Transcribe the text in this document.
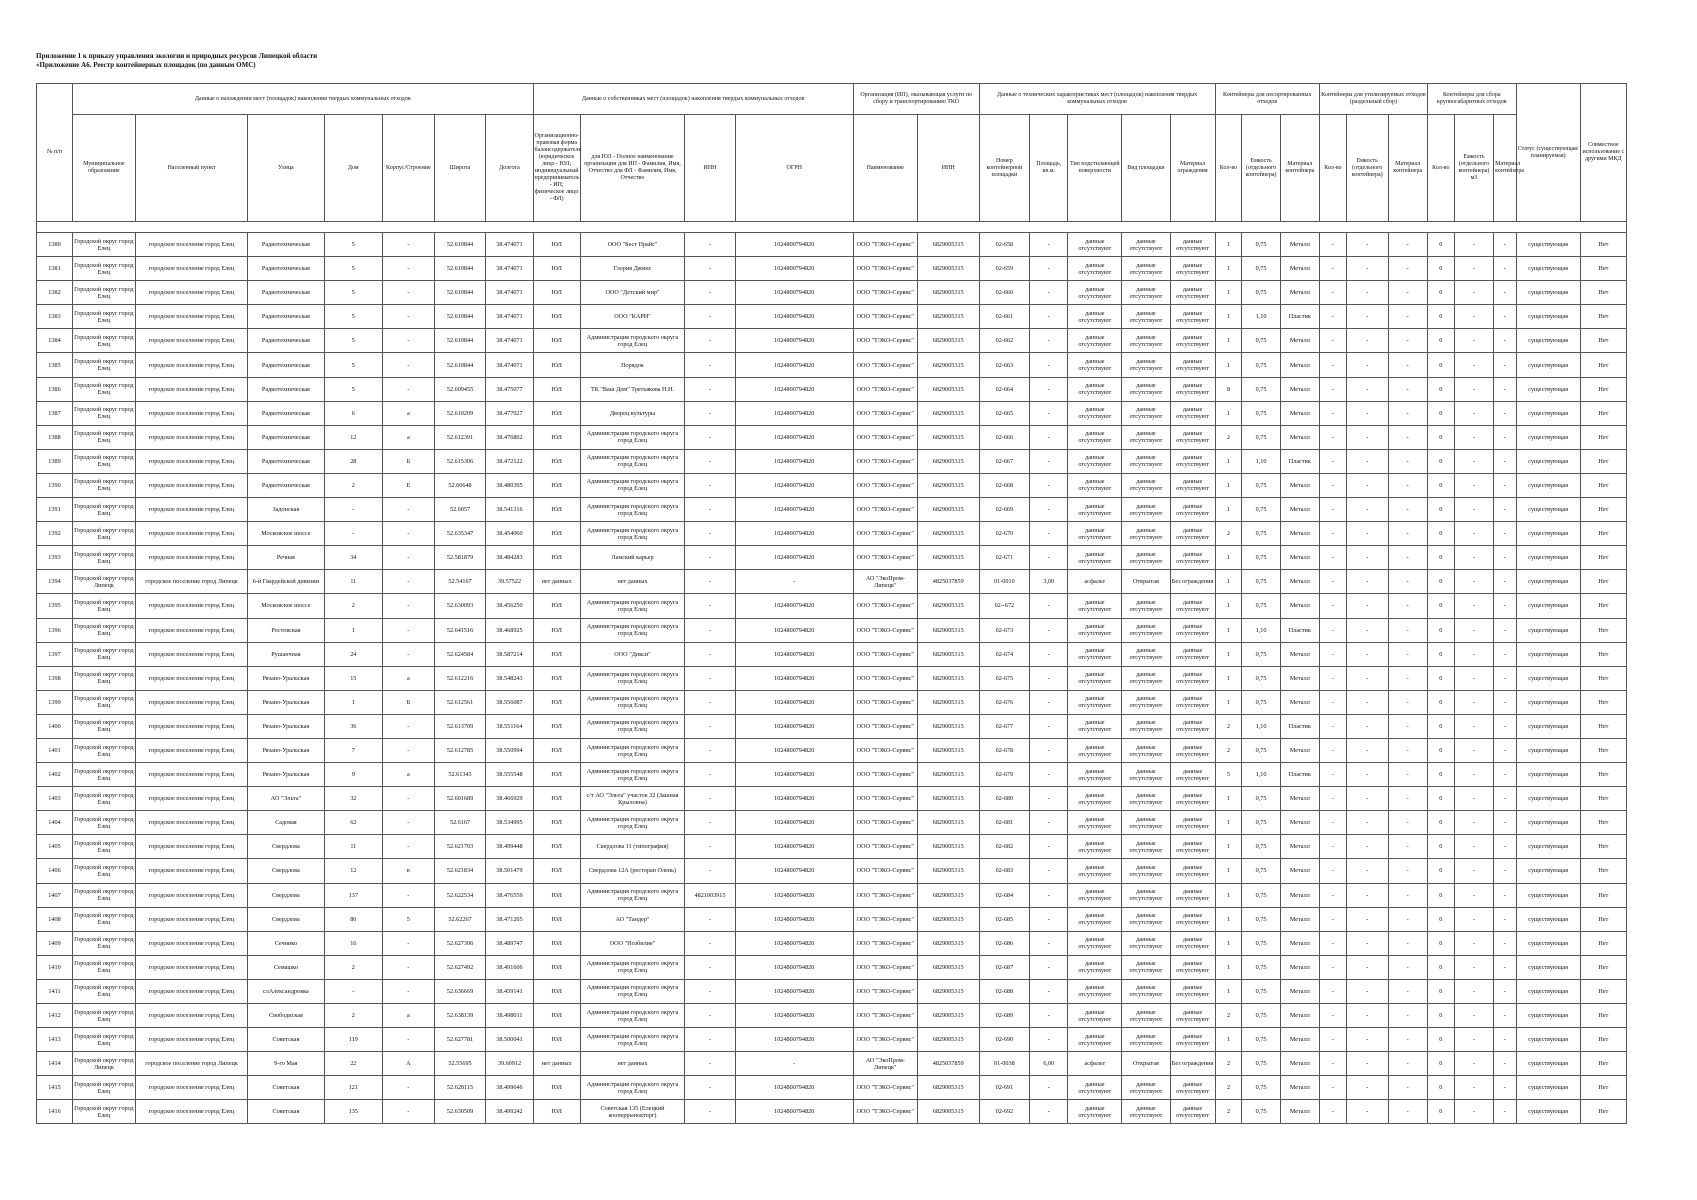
Приложение 1 к приказу управления экологии и природных ресурсов Липецкой области
«Приложение А6. Реестр контейнерных площадок (по данным ОМС)
№ п/п	Данные о нахождении мест (площадок) накопления твердых коммунальных отходов							Данные о собственниках мест (площадок) накопления твердых коммунальных отходов				Организация (ИП), оказывающая услуги по сбору и транспортированию ТКО		Данные о технических характеристиках мест (площадок) накопления твердых коммунальных отходов					Контейнеры для несортированных отходов			Контейнеры для утилизируемых отходов (раздельный сбор)			Контейнеры для сбора крупногабаритных отходов			Статус (существующая/планируемая)	Совместное использование с другими МКД
	Муниципальное образование	Населенный пункт	Улица	Дом	Корпус/Строение	Широта	Долгота	Организационно-правовая форма балансодержателя (юридическое лицо - ЮЛ; индивидуальный предприниматель - ИП; физическое лицо - ФЛ)	для ЮЛ - Полное наименование организации для ИП - Фамилия, Имя, Отчество для ФЛ - Фамилия, Имя, Отчество	ИНН	ОГРН	Наименование	ИНН	Номер контейнерной площадки	Площадь, кв.м.	Тип подстилающей поверхности	Вид площадки	Материал ограждения	Кол-во	Емкость (отдельного контейнера)	Материал контейнера	Кол-во	Емкость (отдельного контейнера)	Материал контейнера	Кол-во	Емкость (отдельного контейнера) м3	Материал контейнера		

1380	Городской округ город Елец	городское поселение город Елец	Радиотехническая	5	-	52.610844	38.474071	ЮЛ	ООО "Бест Прайс"	-	1024800794820	ООО "ТЭКО-Сервис"	6829005315	02-658	-	данные отсутствуют	данные отсутствуют	данные отсутствуют	1	0,75	Металл	-	-	-	0	-	-	существующая	Нет
1381	Городской округ город Елец	городское поселение город Елец	Радиотехническая	5	-	52.610844	38.474071	ЮЛ	Глория Джинс	-	1024800794820	ООО "ТЭКО-Сервис"	6829005315	02-659	-	данные отсутствуют	данные отсутствуют	данные отсутствуют	1	0,75	Металл	-	-	-	0	-	-	существующая	Нет
1382	Городской округ город Елец	городское поселение город Елец	Радиотехническая	5	-	52.610844	38.474071	ЮЛ	ООО "Детский мир"	-	1024800794820	ООО "ТЭКО-Сервис"	6829005315	02-660	-	данные отсутствуют	данные отсутствуют	данные отсутствуют	1	0,75	Металл	-	-	-	0	-	-	существующая	Нет
1383	Городской округ город Елец	городское поселение город Елец	Радиотехническая	5	-	52.610844	38.474071	ЮЛ	ООО "КАРИ"	-	1024800794820	ООО "ТЭКО-Сервис"	6829005315	02-661	-	данные отсутствуют	данные отсутствуют	данные отсутствуют	1	1,10	Пластик	-	-	-	0	-	-	существующая	Нет
1384	Городской округ город Елец	городское поселение город Елец	Радиотехническая	5	-	52.610844	38.474071	ЮЛ	Администрация городского округа город Елец	-	1024800794820	ООО "ТЭКО-Сервис"	6829005315	02-662	-	данные отсутствуют	данные отсутствуют	данные отсутствуют	1	0,75	Металл	-	-	-	0	-	-	существующая	Нет
1385	Городской округ город Елец	городское поселение город Елец	Радиотехническая	5	-	52.610844	38.474071	ЮЛ	Порядок	-	1024800794820	ООО "ТЭКО-Сервис"	6829005315	02-663	-	данные отсутствуют	данные отсутствуют	данные отсутствуют	1	0,75	Металл	-	-	-	0	-	-	существующая	Нет
1386	Городской округ город Елец	городское поселение город Елец	Радиотехническая	5	-	52.609455	38.475077	ЮЛ	ТК "Ваш Дом" Третьякова Н.Н.	-	1024800794820	ООО "ТЭКО-Сервис"	6829005315	02-664	-	данные отсутствуют	данные отсутствуют	данные отсутствуют	8	0,75	Металл	-	-	-	0	-	-	существующая	Нет
1387	Городской округ город Елец	городское поселение город Елец	Радиотехническая	6	а	52.610209	38.477027	ЮЛ	Дворец культуры	-	1024800794820	ООО "ТЭКО-Сервис"	6829005315	02-665	-	данные отсутствуют	данные отсутствуют	данные отсутствуют	1	0,75	Металл	-	-	-	0	-	-	существующая	Нет
1388	Городской округ город Елец	городское поселение город Елец	Радиотехническая	12	а	52.612391	38.476802	ЮЛ	Администрация городского округа город Елец	-	1024800794820	ООО "ТЭКО-Сервис"	6829005315	02-666	-	данные отсутствуют	данные отсутствуют	данные отсутствуют	2	0,75	Металл	-	-	-	0	-	-	существующая	Нет
1389	Городской округ город Елец	городское поселение город Елец	Радиотехническая	28	Б	52.615306	38.472122	ЮЛ	Администрация городского округа город Елец	-	1024800794820	ООО "ТЭКО-Сервис"	6829005315	02-667	-	данные отсутствуют	данные отсутствуют	данные отсутствуют	1	1,10	Пластик	-	-	-	0	-	-	существующая	Нет
1390	Городской округ город Елец	городское поселение город Елец	Радиотехническая	2	Е	52.60648	38.480395	ЮЛ	Администрация городского округа город Елец	-	1024800794820	ООО "ТЭКО-Сервис"	6829005315	02-668	-	данные отсутствуют	данные отсутствуют	данные отсутствуют	1	0,75	Металл	-	-	-	0	-	-	существующая	Нет
1391	Городской округ город Елец	городское поселение город Елец	Задонская	-	-	52.6057	38.541316	ЮЛ	Администрация городского округа город Елец	-	1024800794820	ООО "ТЭКО-Сервис"	6829005315	02-669	-	данные отсутствуют	данные отсутствуют	данные отсутствуют	1	0,75	Металл	-	-	-	0	-	-	существующая	Нет
1392	Городской округ город Елец	городское поселение город Елец	Московское шоссе	-	-	52.635347	38.454060	ЮЛ	Администрация городского округа город Елец	-	1024800794820	ООО "ТЭКО-Сервис"	6829005315	02-670	-	данные отсутствуют	данные отсутствуют	данные отсутствуют	2	0,75	Металл	-	-	-	0	-	-	существующая	Нет
1393	Городской округ город Елец	городское поселение город Елец	Речная	34	-	52.581879	38.484283	ЮЛ	Ламский карьер	-	1024800794820	ООО "ТЭКО-Сервис"	6829005315	02-671	-	данные отсутствуют	данные отсутствуют	данные отсутствуют	1	0,75	Металл	-	-	-	0	-	-	существующая	Нет
1394	Городской округ город Липецк	городское поселение город Липецк	6-й Гвардейской дивизии	11	-	52.54167	39.57522	нет данных	нет данных	-	-	АО "ЭкоПром-Липецк"	4825037859	01-0010	3,00	асфальт	Открытая	Без ограждения	1	0,75	Металл	-	-	-	0	-	-	существующая	Нет
1395	Городской округ город Елец	городское поселение город Елец	Московское шоссе	2	-	52.630093	38.456250	ЮЛ	Администрация городского округа город Елец	-	1024800794820	ООО "ТЭКО-Сервис"	6829005315	02--672	-	данные отсутствуют	данные отсутствуют	данные отсутствуют	1	0,75	Металл	-	-	-	0	-	-	существующая	Нет
1396	Городской округ город Елец	городское поселение город Елец	Ростовская	1	-	52.641516	38.468925	ЮЛ	Администрация городского округа город Елец	-	1024800794820	ООО "ТЭКО-Сервис"	6829005315	02-673	-	данные отсутствуют	данные отсутствуют	данные отсутствуют	1	1,10	Пластик	-	-	-	0	-	-	существующая	Нет
1397	Городской округ город Елец	городское поселение город Елец	Рушанчная	24	-	52.624584	38.587214	ЮЛ	ООО "Дикси"	-	1024800794820	ООО "ТЭКО-Сервис"	6829005315	02-674	-	данные отсутствуют	данные отсутствуют	данные отсутствуют	1	0,75	Металл	-	-	-	0	-	-	существующая	Нет
1398	Городской округ город Елец	городское поселение город Елец	Рязано-Уральская	15	а	52.612216	38.548243	ЮЛ	Администрация городского округа город Елец	-	1024800794820	ООО "ТЭКО-Сервис"	6829005315	02-675	-	данные отсутствуют	данные отсутствуют	данные отсутствуют	1	0,75	Металл	-	-	-	0	-	-	существующая	Нет
1399	Городской округ город Елец	городское поселение город Елец	Рязано-Уральская	1	Б	52.612561	38.556087	ЮЛ	Администрация городского округа город Елец	-	1024800794820	ООО "ТЭКО-Сервис"	6829005315	02-676	-	данные отсутствуют	данные отсутствуют	данные отсутствуют	1	0,75	Металл	-	-	-	0	-	-	существующая	Нет
1400	Городской округ город Елец	городское поселение город Елец	Рязано-Уральская	36	-	52.613709	38.551164	ЮЛ	Администрация городского округа город Елец	-	1024800794820	ООО "ТЭКО-Сервис"	6829005315	02-677	-	данные отсутствуют	данные отсутствуют	данные отсутствуют	2	1,10	Пластик	-	-	-	0	-	-	существующая	Нет
1401	Городской округ город Елец	городское поселение город Елец	Рязано-Уральская	7	-	52.612785	38.550994	ЮЛ	Администрация городского округа город Елец	-	1024800794820	ООО "ТЭКО-Сервис"	6829005315	02-678	-	данные отсутствуют	данные отсутствуют	данные отсутствуют	2	0,75	Металл	-	-	-	0	-	-	существующая	Нет
1402	Городской округ город Елец	городское поселение город Елец	Рязано-Уральская	9	а	52.61343	38.555548	ЮЛ	Администрация городского округа город Елец	-	1024800794820	ООО "ТЭКО-Сервис"	6829005315	02-679	-	данные отсутствуют	данные отсутствуют	данные отсутствуют	5	1,10	Пластик	-	-	-	0	-	-	существующая	Нет
1403	Городской округ город Елец	городское поселение город Елец	АО "Эльта"	32	-	52.601689	38.466929	ЮЛ	с/т АО "Эльта" участок 32 (Зашная Крыловна)	-	1024800794820	ООО "ТЭКО-Сервис"	6829005315	02-680	-	данные отсутствуют	данные отсутствуют	данные отсутствуют	1	0,75	Металл	-	-	-	0	-	-	существующая	Нет
1404	Городской округ город Елец	городское поселение город Елец	Садовая	62	-	52.6167	38.534995	ЮЛ	Администрация городского округа город Елец	-	1024800794820	ООО "ТЭКО-Сервис"	6829005315	02-681	-	данные отсутствуют	данные отсутствуют	данные отсутствуют	1	0,75	Металл	-	-	-	0	-	-	существующая	Нет
1405	Городской округ город Елец	городское поселение город Елец	Свердлова	11	-	52.621703	38.499448	ЮЛ	Свердлова 11 (типография)	-	1024800794820	ООО "ТЭКО-Сервис"	6829005315	02-682	-	данные отсутствуют	данные отсутствуют	данные отсутствуют	1	0,75	Металл	-	-	-	0	-	-	существующая	Нет
1406	Городской округ город Елец	городское поселение город Елец	Свердлова	12	в	52.621834	38.501479	ЮЛ	Свердлова 12А (ресторан Олень)	-	1024800794820	ООО "ТЭКО-Сервис"	6829005315	02-683	-	данные отсутствуют	данные отсутствуют	данные отсутствуют	1	0,75	Металл	-	-	-	0	-	-	существующая	Нет
1407	Городской округ город Елец	городское поселение город Елец	Свердлова	137	-	52.622534	38.476559	ЮЛ	Администрация городского округа город Елец	4821003915	1024800794820	ООО "ТЭКО-Сервис"	6829005315	02-684	-	данные отсутствуют	данные отсутствуют	данные отсутствуют	1	0,75	Металл	-	-	-	0	-	-	существующая	Нет
1408	Городской округ город Елец	городское поселение город Елец	Свердлова	80	5	52.62267	38.471205	ЮЛ	АО "Тандер"	-	1024800794820	ООО "ТЭКО-Сервис"	6829005315	02-685	-	данные отсутствуют	данные отсутствуют	данные отсутствуют	1	0,75	Металл	-	-	-	0	-	-	существующая	Нет
1409	Городской округ город Елец	городское поселение город Елец	Сечнико	16	-	52.627306	38.489747	ЮЛ	ООО "Нозбилие"	-	1024800794820	ООО "ТЭКО-Сервис"	6829005315	02-686	-	данные отсутствуют	данные отсутствуют	данные отсутствуют	1	0,75	Металл	-	-	-	0	-	-	существующая	Нет
1410	Городской округ город Елец	городское поселение город Елец	Семашко	2	-	52.627492	38.491606	ЮЛ	Администрация городского округа город Елец	-	1024800794820	ООО "ТЭКО-Сервис"	6829005315	02-687	-	данные отсутствуют	данные отсутствуют	данные отсутствуют	1	0,75	Металл	-	-	-	0	-	-	существующая	Нет
1411	Городской округ город Елец	городское поселение город Елец	слАлександровка	-	-	52.636669	38.459141	ЮЛ	Администрация городского округа город Елец	-	1024800794820	ООО "ТЭКО-Сервис"	6829005315	02-688	-	данные отсутствуют	данные отсутствуют	данные отсутствуют	1	0,75	Металл	-	-	-	0	-	-	существующая	Нет
1412	Городской округ город Елец	городское поселение город Елец	Свободиская	2	а	52.638139	38.498011	ЮЛ	Администрация городского округа город Елец	-	1024800794820	ООО "ТЭКО-Сервис"	6829005315	02-689	-	данные отсутствуют	данные отсутствуют	данные отсутствуют	2	0,75	Металл	-	-	-	0	-	-	существующая	Нет
1413	Городской округ город Елец	городское поселение город Елец	Советская	119	-	52.627781	38.500041	ЮЛ	Администрация городского округа город Елец	-	1024800794820	ООО "ТЭКО-Сервис"	6829005315	02-690	-	данные отсутствуют	данные отсутствуют	данные отсутствуют	1	0,75	Металл	-	-	-	0	-	-	существующая	Нет
1414	Городской округ город Липецк	городское поселение город Липецк	9-го Мая	22	А	52.55695	39.60912	нет данных	нет данных	-	-	АО "ЭкоПром-Липецк"	4825037859	01-0038	6,00	асфальт	Открытая	Без ограждения	2	0,75	Металл	-	-	-	0	-	-	существующая	Нет
1415	Городской округ город Елец	городское поселение город Елец	Советская	121	-	52.628115	38.499646	ЮЛ	Администрация городского округа город Елец	-	1024800794820	ООО "ТЭКО-Сервис"	6829005315	02-691	-	данные отсутствуют	данные отсутствуют	данные отсутствуют	2	0,75	Металл	-	-	-	0	-	-	существующая	Нет
1416	Городской округ город Елец	городское поселение город Елец	Советская	135	-	52.630509	38.499242	ЮЛ	Советская 135 (Елецкий кооперрынокторг)	-	1024800794820	ООО "ТЭКО-Сервис"	6829005315	02-692	-	данные отсутствуют	данные отсутствуют	данные отсутствуют	2	0,75	Металл	-	-	-	0	-	-	существующая	Нет
